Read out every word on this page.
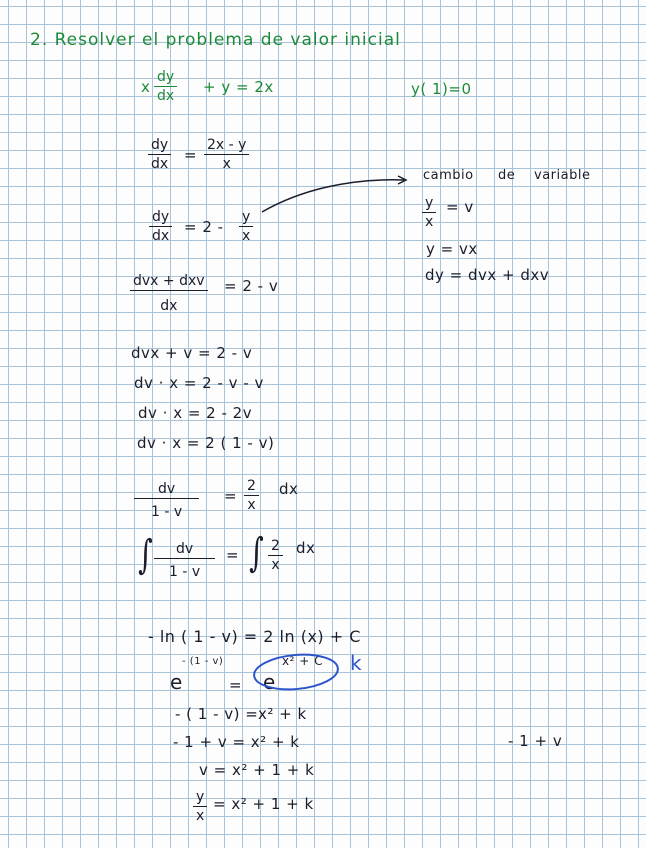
2. Resolver el problema de valor inicial
x
dy
dx + y = 2x	y( 1)=0
dy
dx =
2x - y
x
dy
dx = 2 -
y
x
dvx + dxv
dx
= 2 - v
dvx + v = 2 - v
dv · x = 2 - v - v
dv · x = 2 - 2v
dv · x = 2 ( 1 - v)
dv
1 - v
=
2
x
dx
∫	dv
1 - v
= ∫ 2
x
dx
- ln ( 1 - v) = 2 ln (x) + C
- (1 - v)
e	= e
x² + C k
- ( 1 - v) = x² + k
- 1 + v = x² + k
v = x² + 1 + k
y
x
= x² + 1 + k
cambio de variable
y
x
= v
y = vx
dy = dvx + dxv
- 1 + v
